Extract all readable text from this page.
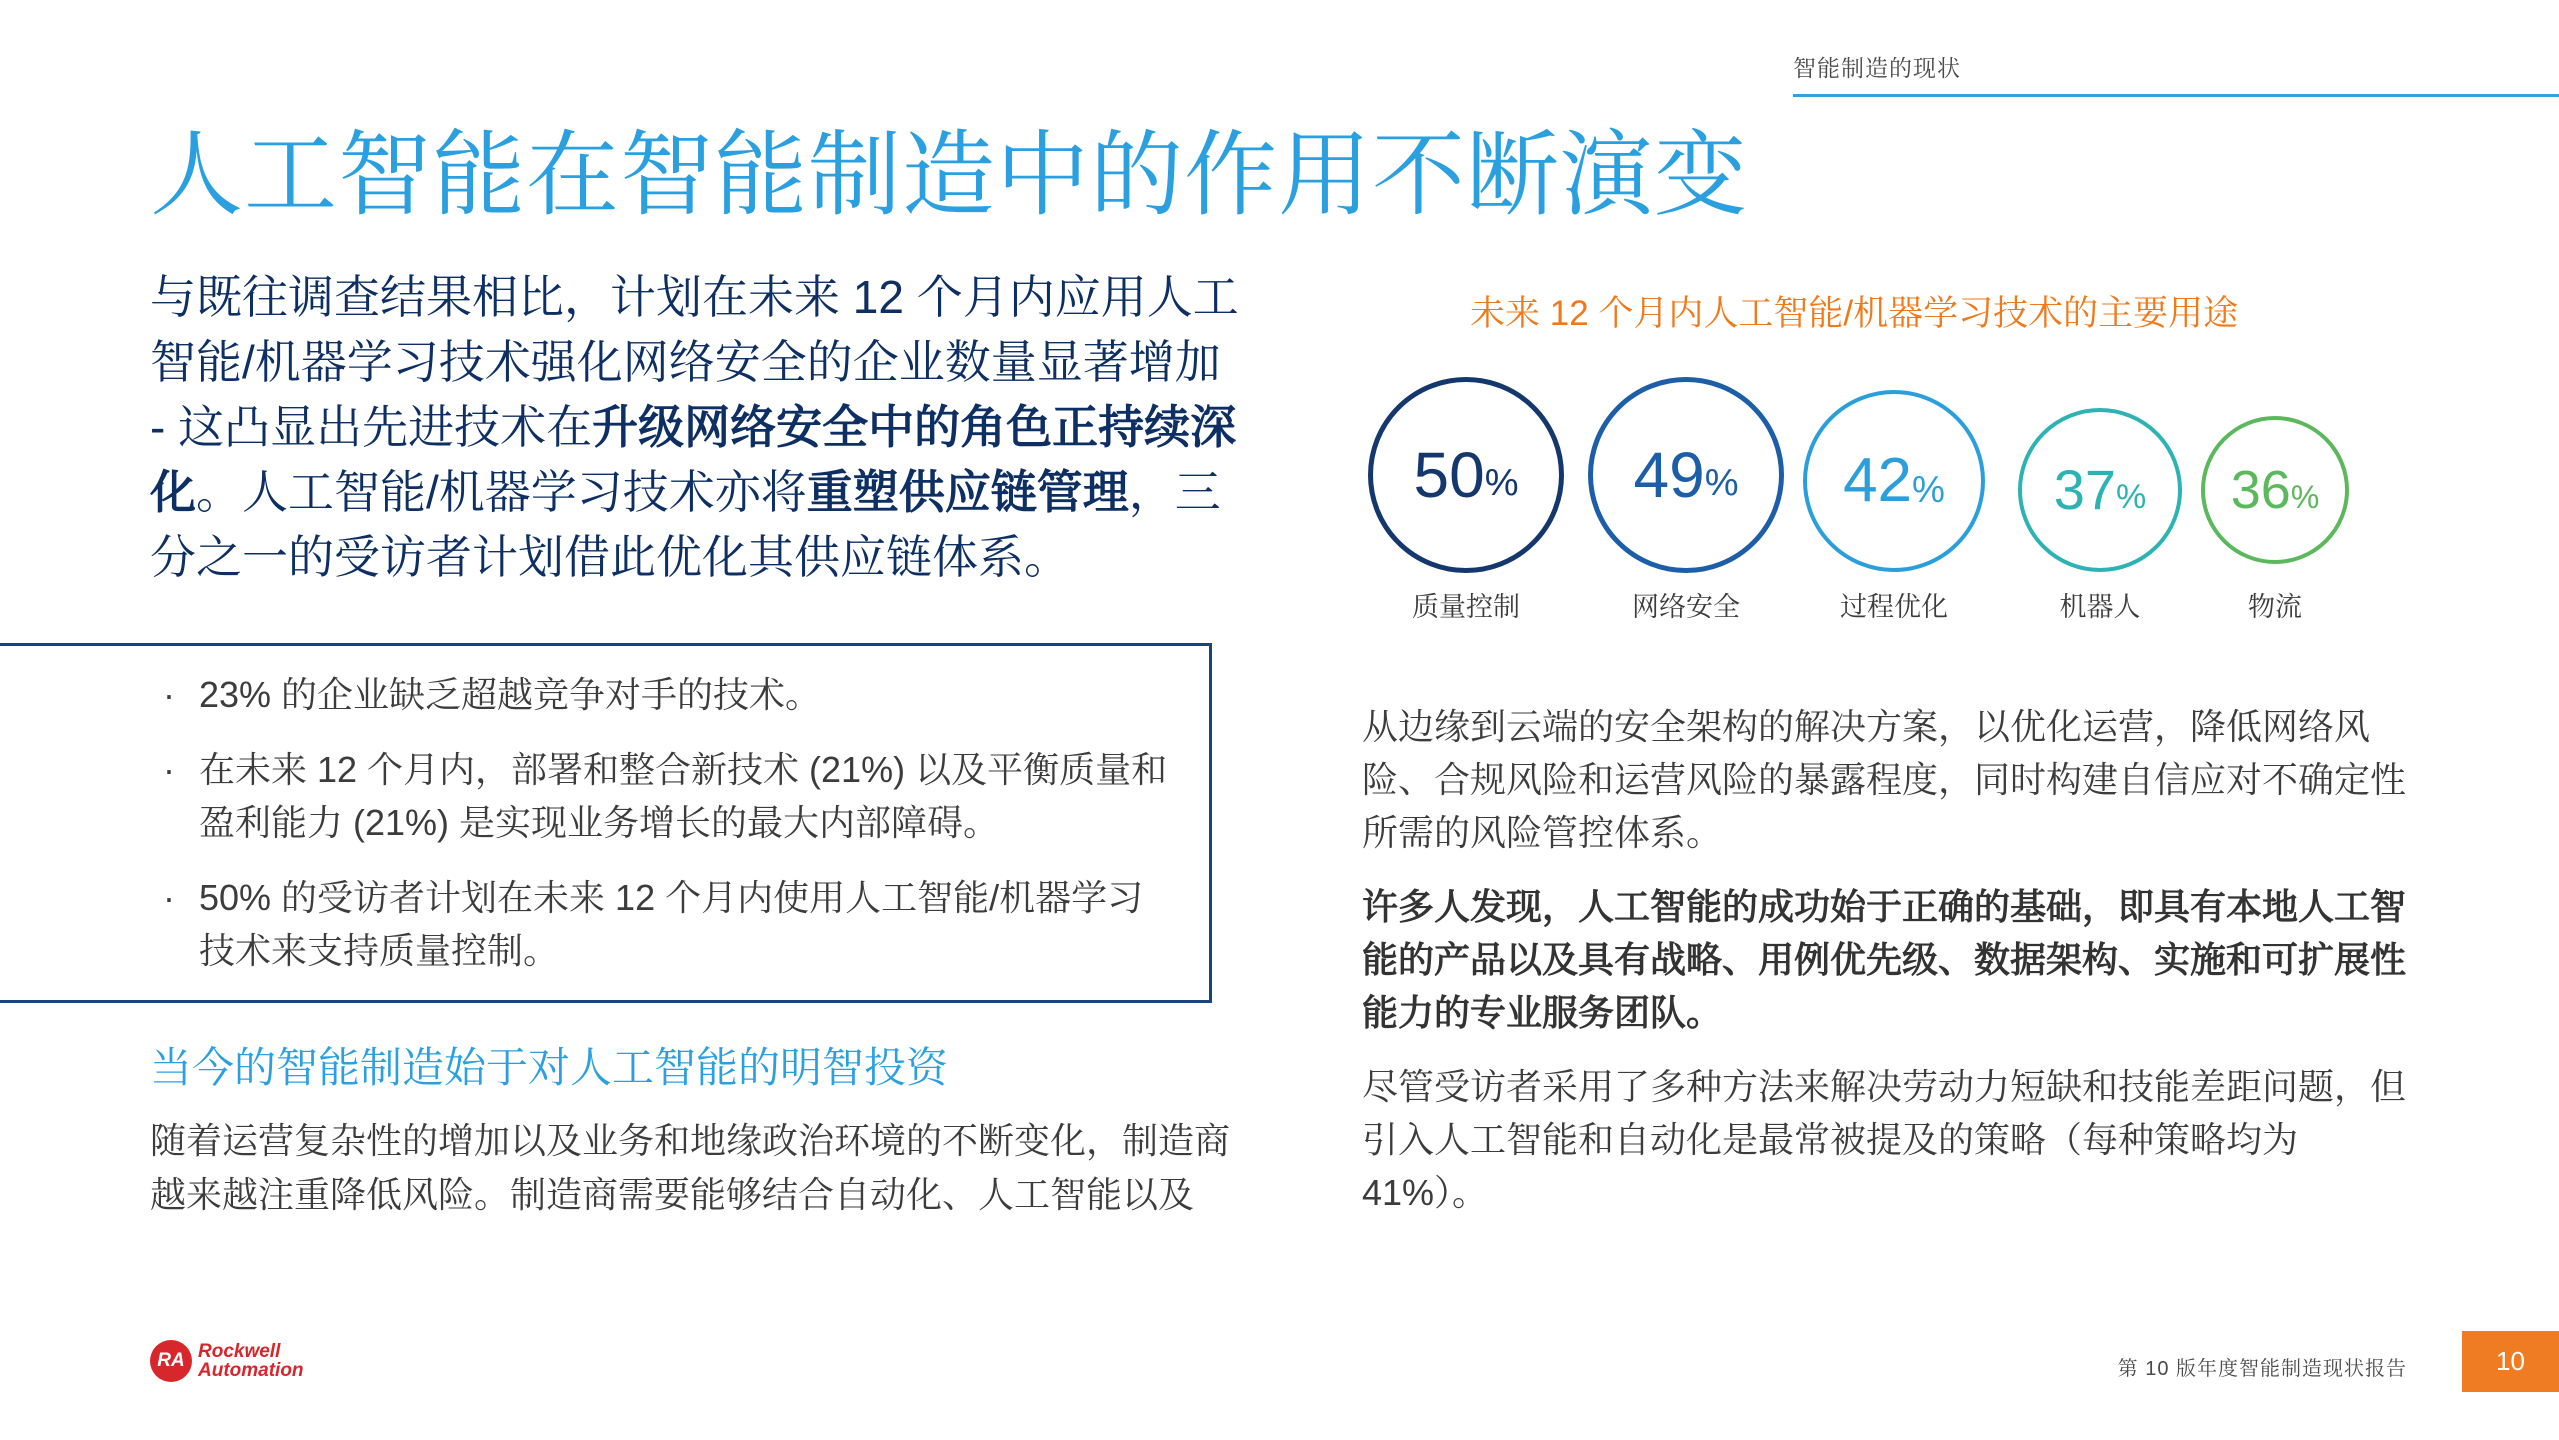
智能制造的现状
人工智能在智能制造中的作用不断演变

与既往调查结果相比，计划在未来 12 个月内应用人工智能/机器学习技术强化网络安全的企业数量显著增加 - 这凸显出先进技术在升级网络安全中的角色正持续深化。人工智能/机器学习技术亦将重塑供应链管理，三分之一的受访者计划借此优化其供应链体系。

· 23% 的企业缺乏超越竞争对手的技术。
· 在未来 12 个月内，部署和整合新技术 (21%) 以及平衡质量和盈利能力 (21%) 是实现业务增长的最大内部障碍。
· 50% 的受访者计划在未来 12 个月内使用人工智能/机器学习技术来支持质量控制。
当今的智能制造始于对人工智能的明智投资

随着运营复杂性的增加以及业务和地缘政治环境的不断变化，制造商越来越注重降低风险。制造商需要能够结合自动化、人工智能以及

未来 12 个月内人工智能/机器学习技术的主要用途
50 %
质量控制
49 %
网络安全
42 %
过程优化
37 %
机器人
36 %
物流

从边缘到云端的安全架构的解决方案，以优化运营，降低网络风险、合规风险和运营风险的暴露程度，同时构建自信应对不确定性所需的风险管控体系。

许多人发现，人工智能的成功始于正确的基础，即具有本地人工智能的产品以及具有战略、用例优先级、数据架构、实施和可扩展性能力的专业服务团队。

尽管受访者采用了多种方法来解决劳动力短缺和技能差距问题，但引入人工智能和自动化是最常被提及的策略（每种策略均为 41%）。

RA Rockwell
Automation	第 10 版年度智能制造现状报告	10
